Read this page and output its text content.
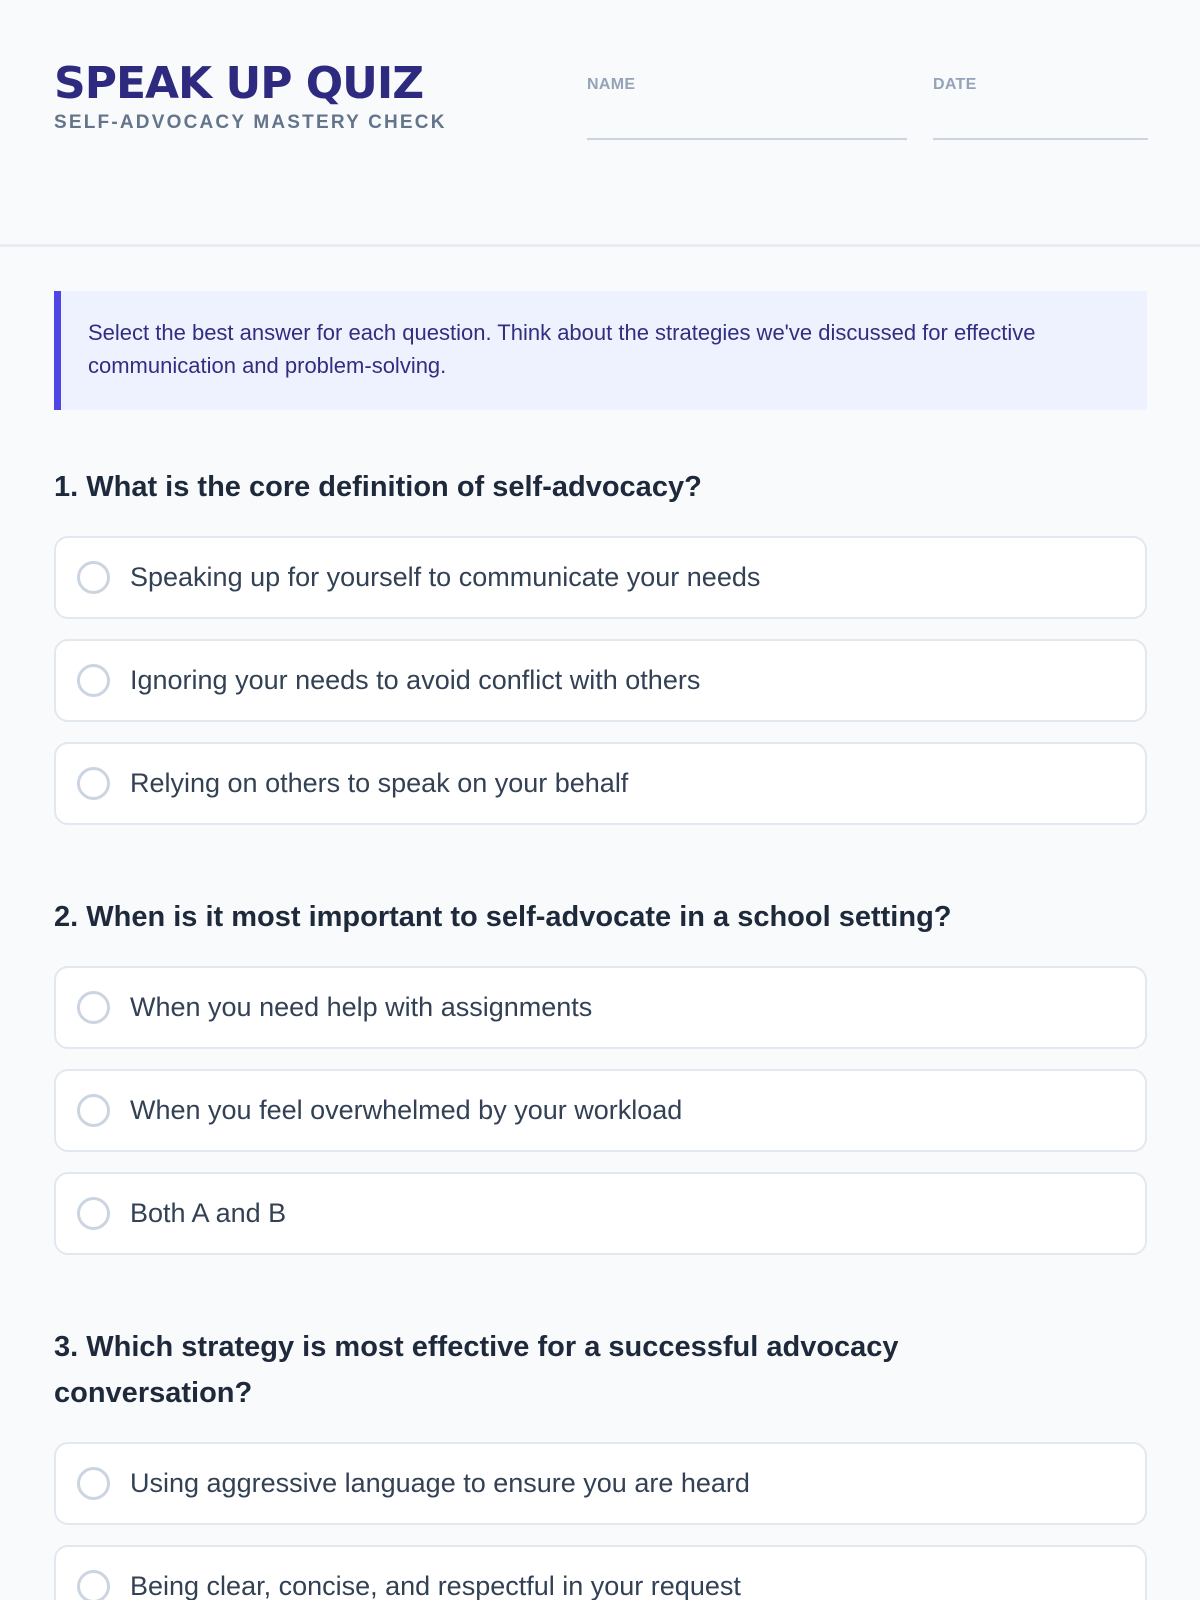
SPEAK UP QUIZ
SELF-ADVOCACY MASTERY CHECK
NAME	DATE
Select the best answer for each question. Think about the strategies we've discussed for effective communication and problem-solving.
1. What is the core definition of self-advocacy?
Speaking up for yourself to communicate your needs
Ignoring your needs to avoid conflict with others
Relying on others to speak on your behalf
2. When is it most important to self-advocate in a school setting?
When you need help with assignments
When you feel overwhelmed by your workload
Both A and B
3. Which strategy is most effective for a successful advocacy conversation?
Using aggressive language to ensure you are heard
Being clear, concise, and respectful in your request
